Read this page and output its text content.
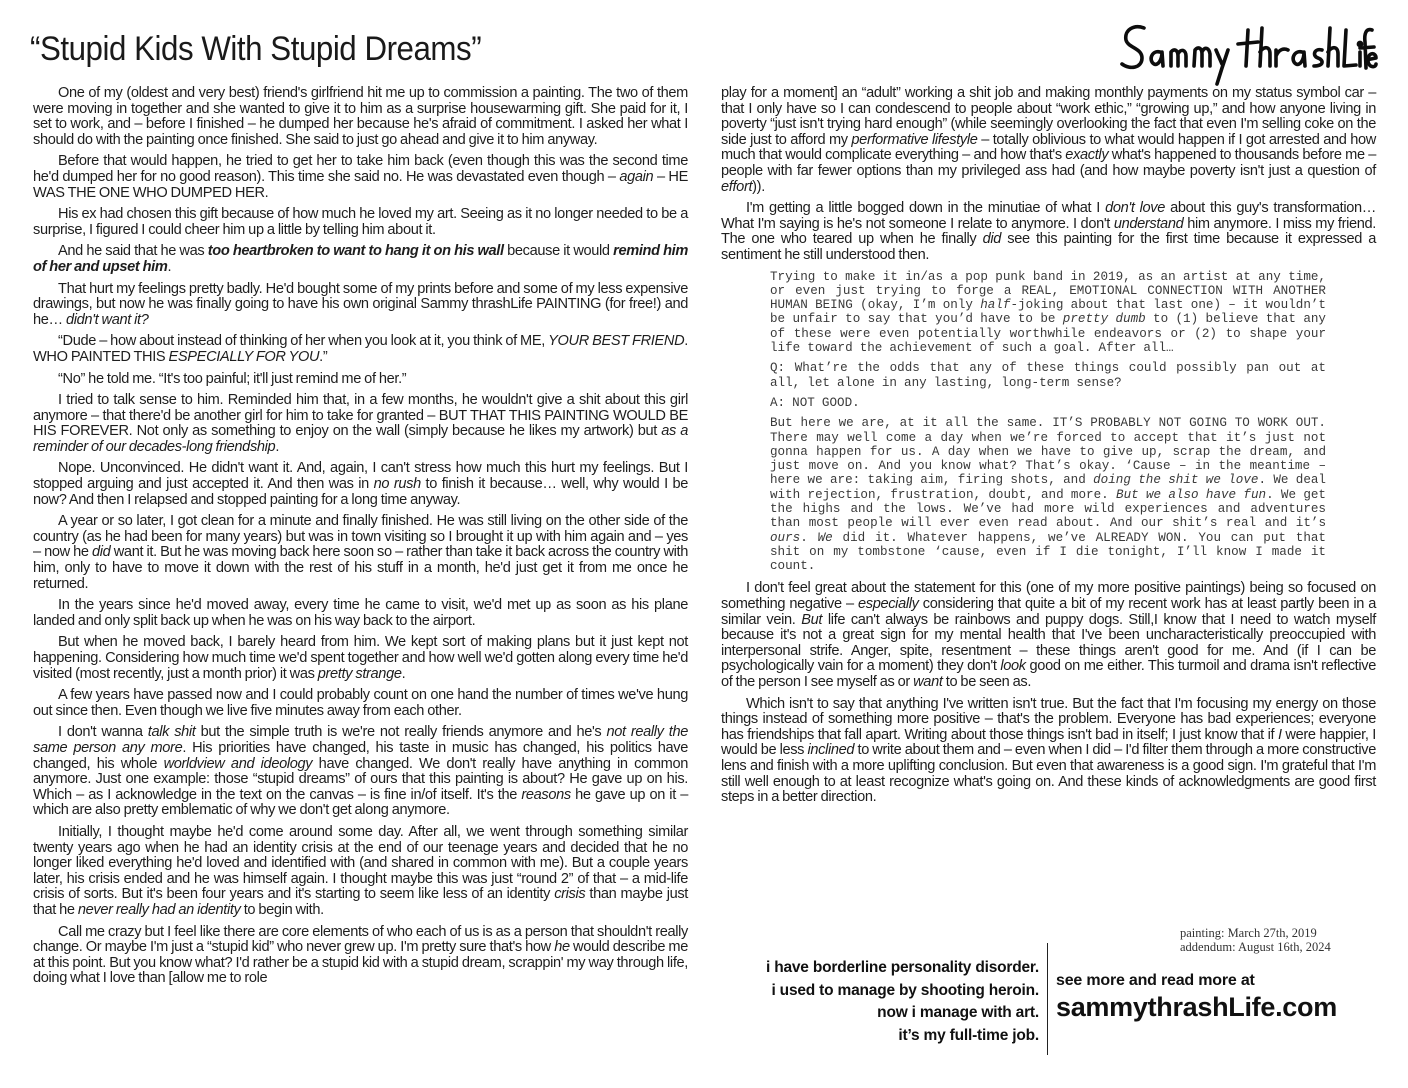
“Stupid Kids With Stupid Dreams”

One of my (oldest and very best) friend's girlfriend hit me up to commission a painting. The two of them were moving in together and she wanted to give it to him as a surprise housewarming gift. She paid for it, I set to work, and – before I finished – he dumped her because he's afraid of commitment. I asked her what I should do with the painting once finished. She said to just go ahead and give it to him anyway.

Before that would happen, he tried to get her to take him back (even though this was the second time he'd dumped her for no good reason). This time she said no. He was devastated even though – again – HE WAS THE ONE WHO DUMPED HER.

His ex had chosen this gift because of how much he loved my art. Seeing as it no longer needed to be a surprise, I figured I could cheer him up a little by telling him about it.

And he said that he was too heartbroken to want to hang it on his wall because it would remind him of her and upset him.

That hurt my feelings pretty badly. He'd bought some of my prints before and some of my less expensive drawings, but now he was finally going to have his own original Sammy thrashLife PAINTING (for free!) and he… didn't want it?

“Dude – how about instead of thinking of her when you look at it, you think of ME, YOUR BEST FRIEND. WHO PAINTED THIS ESPECIALLY FOR YOU.”

“No” he told me. “It's too painful; it'll just remind me of her.”

I tried to talk sense to him. Reminded him that, in a few months, he wouldn't give a shit about this girl anymore – that there'd be another girl for him to take for granted – BUT THAT THIS PAINTING WOULD BE HIS FOREVER. Not only as something to enjoy on the wall (simply because he likes my artwork) but as a reminder of our decades-long friendship.

Nope. Unconvinced. He didn't want it. And, again, I can't stress how much this hurt my feelings. But I stopped arguing and just accepted it. And then was in no rush to finish it because… well, why would I be now? And then I relapsed and stopped painting for a long time anyway.

A year or so later, I got clean for a minute and finally finished. He was still living on the other side of the country (as he had been for many years) but was in town visiting so I brought it up with him again and – yes – now he did want it. But he was moving back here soon so – rather than take it back across the country with him, only to have to move it down with the rest of his stuff in a month, he'd just get it from me once he returned.

In the years since he'd moved away, every time he came to visit, we'd met up as soon as his plane landed and only split back up when he was on his way back to the airport.

But when he moved back, I barely heard from him. We kept sort of making plans but it just kept not happening. Considering how much time we'd spent together and how well we'd gotten along every time he'd visited (most recently, just a month prior) it was pretty strange.

A few years have passed now and I could probably count on one hand the number of times we've hung out since then. Even though we live five minutes away from each other.

I don't wanna talk shit but the simple truth is we're not really friends anymore and he's not really the same person any more. His priorities have changed, his taste in music has changed, his politics have changed, his whole worldview and ideology have changed. We don't really have anything in common anymore. Just one example: those “stupid dreams” of ours that this painting is about? He gave up on his. Which – as I acknowledge in the text on the canvas – is fine in/of itself. It's the reasons he gave up on it – which are also pretty emblematic of why we don't get along anymore.

Initially, I thought maybe he'd come around some day. After all, we went through something similar twenty years ago when he had an identity crisis at the end of our teenage years and decided that he no longer liked everything he'd loved and identified with (and shared in common with me). But a couple years later, his crisis ended and he was himself again. I thought maybe this was just “round 2” of that – a mid-life crisis of sorts. But it's been four years and it's starting to seem like less of an identity crisis than maybe just that he never really had an identity to begin with.

Call me crazy but I feel like there are core elements of who each of us is as a person that shouldn't really change. Or maybe I'm just a “stupid kid” who never grew up. I'm pretty sure that's how he would describe me at this point. But you know what? I'd rather be a stupid kid with a stupid dream, scrappin' my way through life, doing what I love than [allow me to role

play for a moment] an “adult” working a shit job and making monthly payments on my status symbol car – that I only have so I can condescend to people about “work ethic,” “growing up,” and how anyone living in poverty “just isn't trying hard enough” (while seemingly overlooking the fact that even I'm selling coke on the side just to afford my performative lifestyle – totally oblivious to what would happen if I got arrested and how much that would complicate everything – and how that's exactly what's happened to thousands before me – people with far fewer options than my privileged ass had (and how maybe poverty isn't just a question of effort)).

I'm getting a little bogged down in the minutiae of what I don't love about this guy's transformation… What I'm saying is he's not someone I relate to anymore. I don't understand him anymore. I miss my friend. The one who teared up when he finally did see this painting for the first time because it expressed a sentiment he still understood then.

Trying to make it in/as a pop punk band in 2019, as an artist at any time, or even just trying to forge a REAL, EMOTIONAL CONNECTION WITH ANOTHER HUMAN BEING (okay, I’m only half-joking about that last one) – it wouldn’t be unfair to say that you’d have to be pretty dumb to (1) believe that any of these were even potentially worthwhile endeavors or (2) to shape your life toward the achievement of such a goal. After all…

Q: What’re the odds that any of these things could possibly pan out at all, let alone in any lasting, long-term sense?

A: NOT GOOD.

But here we are, at it all the same. IT’S PROBABLY NOT GOING TO WORK OUT. There may well come a day when we’re forced to accept that it’s just not gonna happen for us. A day when we have to give up, scrap the dream, and just move on. And you know what? That’s okay. ‘Cause – in the meantime – here we are: taking aim, firing shots, and doing the shit we love. We deal with rejection, frustration, doubt, and more. But we also have fun. We get the highs and the lows. We’ve had more wild experiences and adventures than most people will ever even read about. And our shit’s real and it’s ours. We did it. Whatever happens, we’ve ALREADY WON. You can put that shit on my tombstone ‘cause, even if I die tonight, I’ll know I made it count.

I don't feel great about the statement for this (one of my more positive paintings) being so focused on something negative – especially considering that quite a bit of my recent work has at least partly been in a similar vein. But life can't always be rainbows and puppy dogs. Still,I know that I need to watch myself because it's not a great sign for my mental health that I've been uncharacteristically preoccupied with interpersonal strife. Anger, spite, resentment – these things aren't good for me. And (if I can be psychologically vain for a moment) they don't look good on me either. This turmoil and drama isn't reflective of the person I see myself as or want to be seen as.

Which isn't to say that anything I've written isn't true. But the fact that I'm focusing my energy on those things instead of something more positive – that's the problem. Everyone has bad experiences; everyone has friendships that fall apart. Writing about those things isn't bad in itself; I just know that if I were happier, I would be less inclined to write about them and – even when I did – I'd filter them through a more constructive lens and finish with a more uplifting conclusion. But even that awareness is a good sign. I'm grateful that I'm still well enough to at least recognize what's going on. And these kinds of acknowledgments are good first steps in a better direction.

painting: March 27th, 2019
addendum: August 16th, 2024
i have borderline personality disorder.
i used to manage by shooting heroin.
now i manage with art.
it’s my full-time job.
see more and read more at
sammythrashLife.com
